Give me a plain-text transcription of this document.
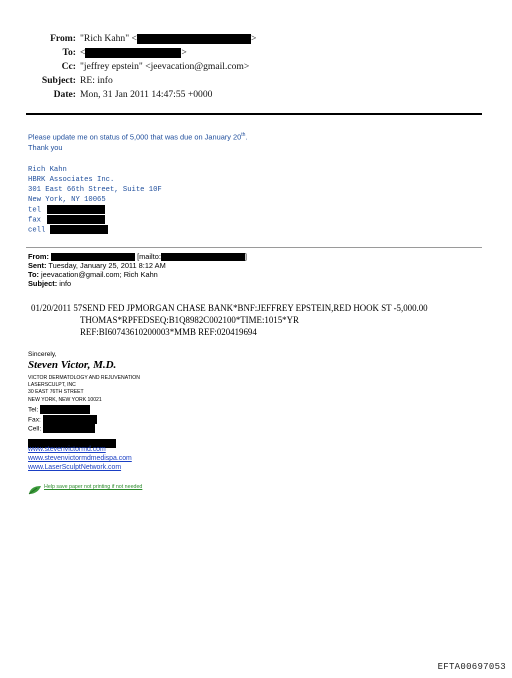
From: "Rich Kahn" <	>
To: <	>
Cc: "jeffrey epstein" <jeevacation@gmail.com>
Subject: RE: info
Date: Mon, 31 Jan 2011 14:47:55 +0000
Please update me on status of 5,000 that was due on January 20th.
Thank you
Rich Kahn
HBRK Associates Inc.
301 East 66th Street, Suite 10F
New York, NY 10065
tel
fax
cell
From:	[mailto:	]
Sent: Tuesday, January 25, 2011 8:12 AM
To: jeevacation@gmail.com; Rich Kahn
Subject: info
01/20/2011 57SEND FED JPMORGAN CHASE BANK*BNF:JEFFREY EPSTEIN,RED HOOK ST -5,000.00
THOMAS*RPFEDSEQ:B1Q8982C002100*TIME:1015*YR
REF:BI60743610200003*MMB REF:020419694
Sincerely,
Steven Victor, M.D.
VICTOR DERMATOLOGY AND REJUVENATION
LASERSCULPT, INC
30 EAST 76TH STREET
NEW YORK, NEW YORK 10021
Tel:
Fax:
Cell:
www.stevenvictormd.com
www.stevenvictormdmedispa.com
www.LaserSculptNetwork.com
Help save paper not printing if not needed
EFTA00697053
